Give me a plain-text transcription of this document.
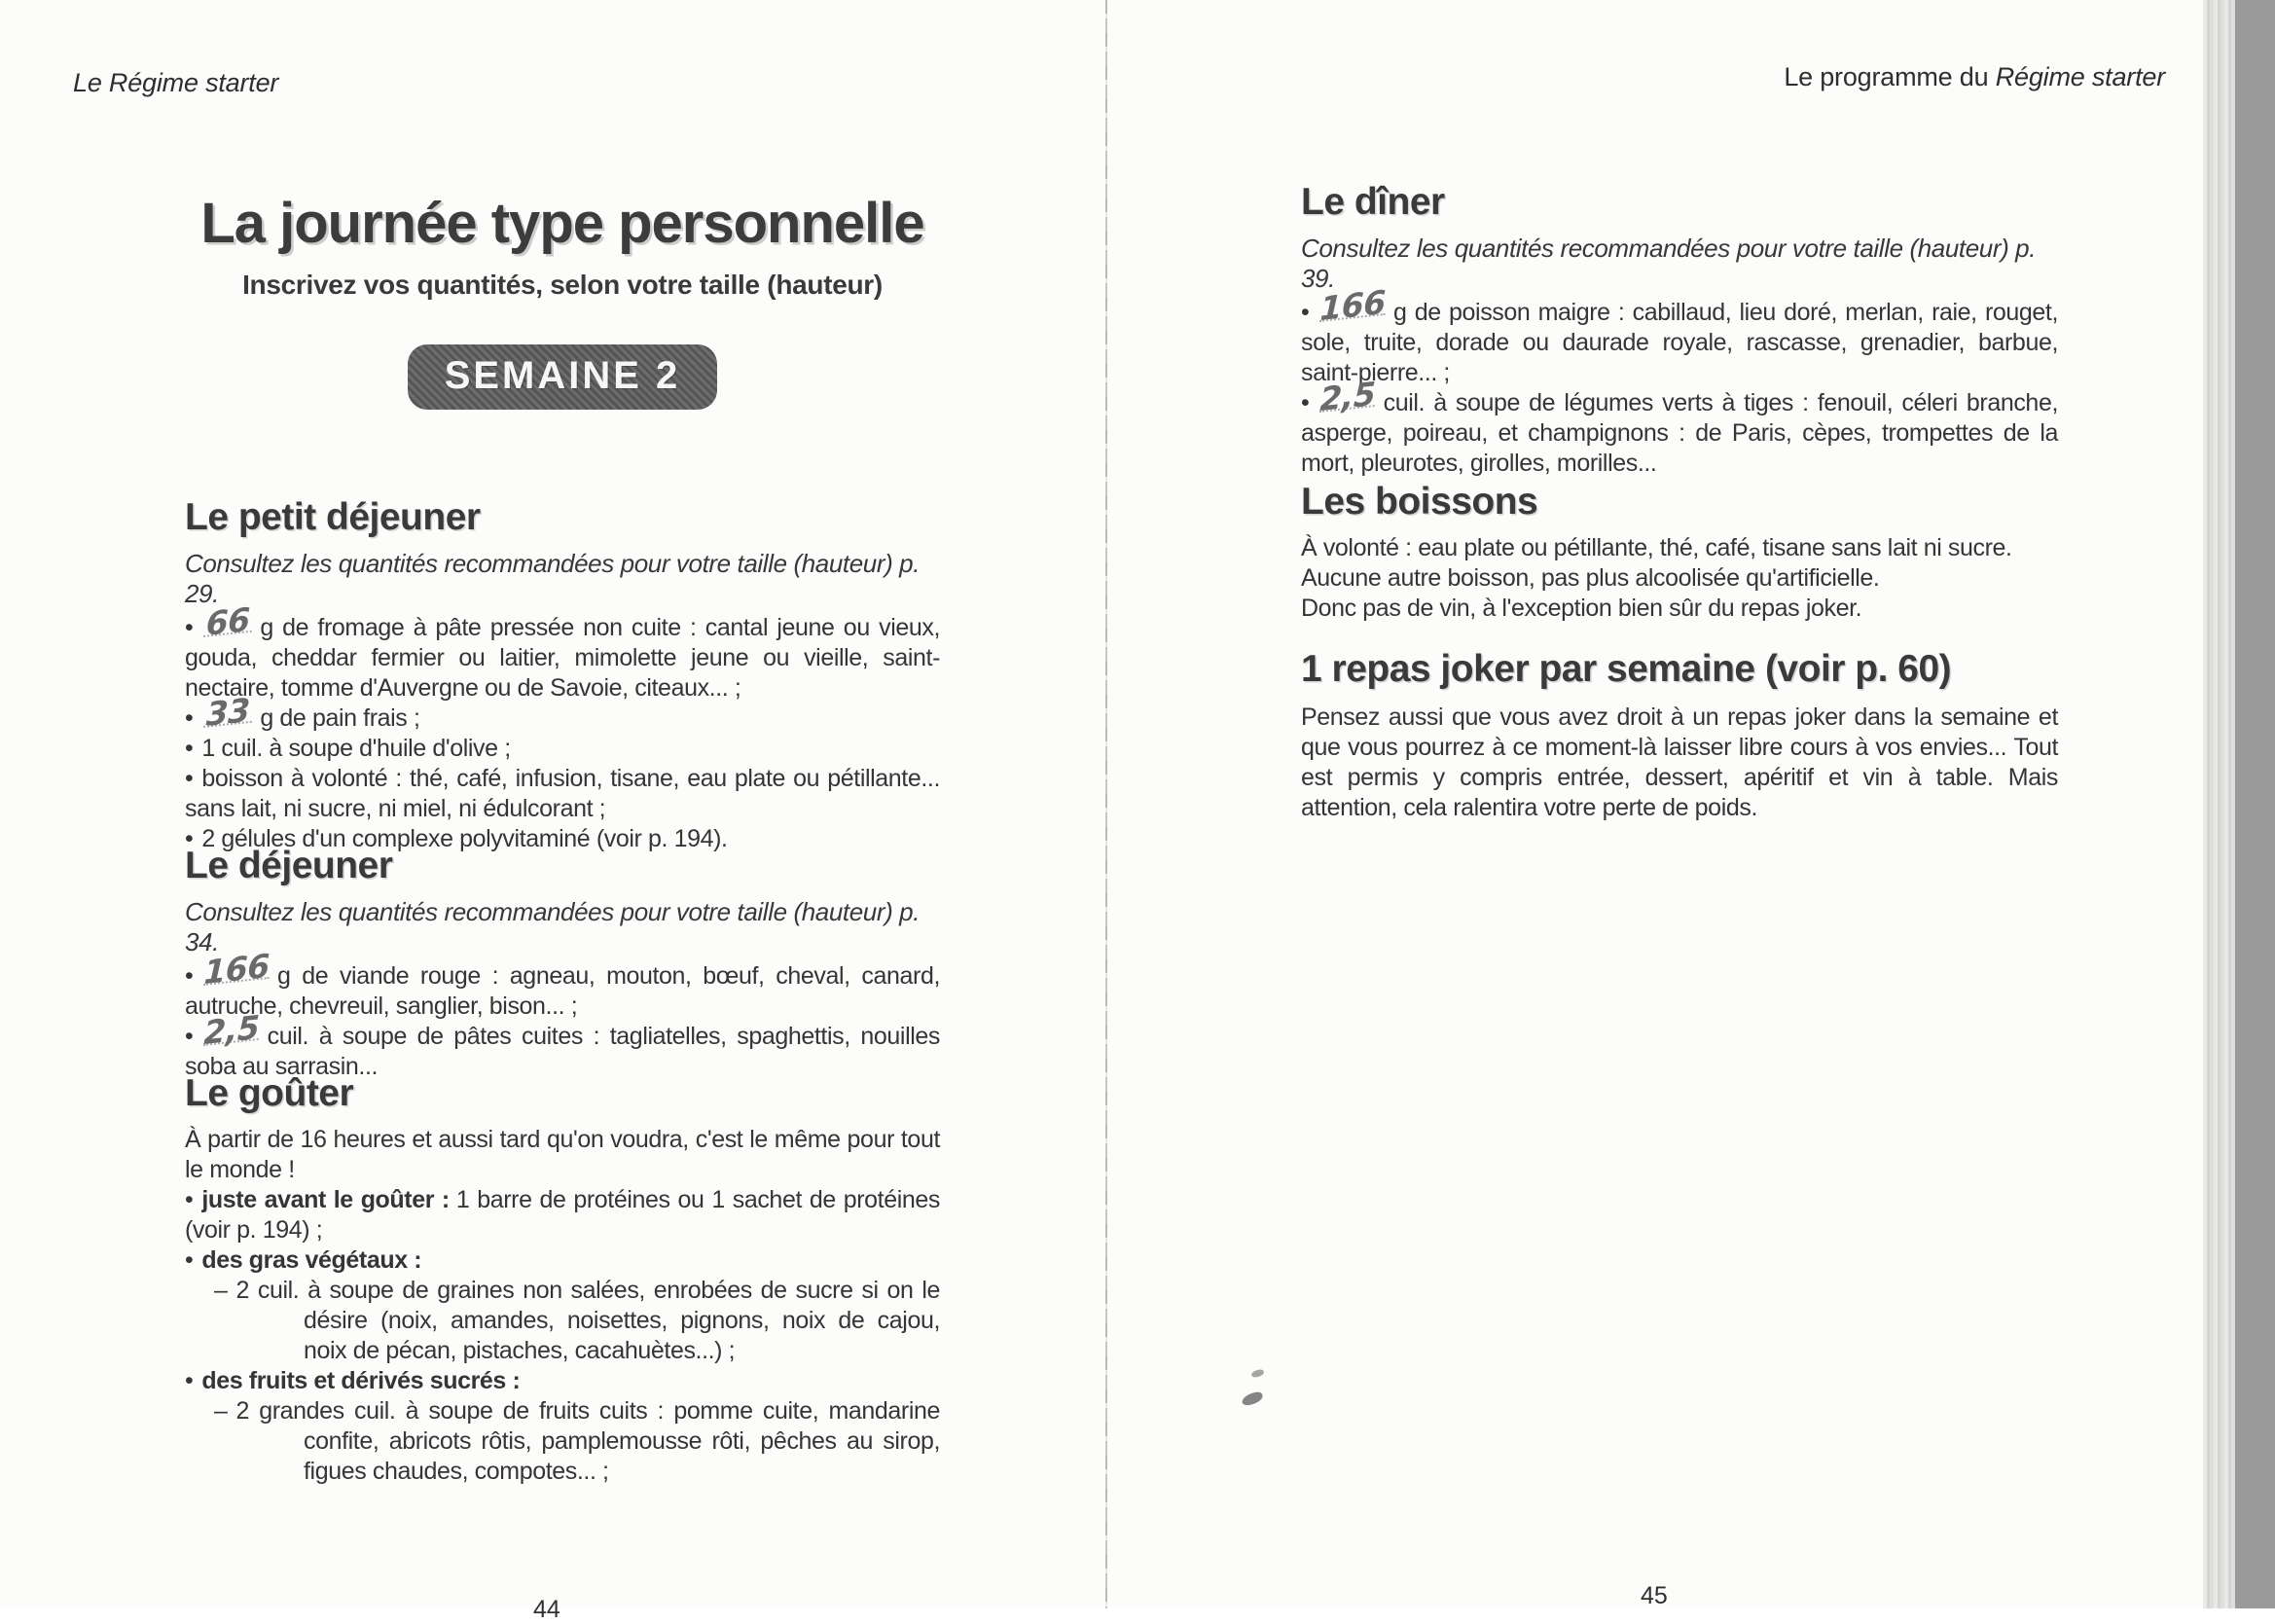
Le Régime starter
La journée type personnelle
Inscrivez vos quantités, selon votre taille (hauteur)
SEMAINE 2
Le petit déjeuner
Consultez les quantités recommandées pour votre taille (hauteur) p. 29.
• 66 g de fromage à pâte pressée non cuite : cantal jeune ou vieux, gouda, cheddar fermier ou laitier, mimolette jeune ou vieille, saint-nectaire, tomme d'Auvergne ou de Savoie, citeaux... ;
• 33 g de pain frais ;
• 1 cuil. à soupe d'huile d'olive ;
• boisson à volonté : thé, café, infusion, tisane, eau plate ou pétillante... sans lait, ni sucre, ni miel, ni édulcorant ;
• 2 gélules d'un complexe polyvitaminé (voir p. 194).
Le déjeuner
Consultez les quantités recommandées pour votre taille (hauteur) p. 34.
• 166 g de viande rouge : agneau, mouton, bœuf, cheval, canard, autruche, chevreuil, sanglier, bison... ;
• 2,5 cuil. à soupe de pâtes cuites : tagliatelles, spaghettis, nouilles soba au sarrasin...
Le goûter
À partir de 16 heures et aussi tard qu'on voudra, c'est le même pour tout le monde !
• juste avant le goûter : 1 barre de protéines ou 1 sachet de protéines (voir p. 194) ;
• des gras végétaux :
– 2 cuil. à soupe de graines non salées, enrobées de sucre si on le désire (noix, amandes, noisettes, pignons, noix de cajou, noix de pécan, pistaches, cacahuètes...) ;
• des fruits et dérivés sucrés :
– 2 grandes cuil. à soupe de fruits cuits : pomme cuite, mandarine confite, abricots rôtis, pamplemousse rôti, pêches au sirop, figues chaudes, compotes... ;
44
Le programme du Régime starter
Le dîner
Consultez les quantités recommandées pour votre taille (hauteur) p. 39.
• 166 g de poisson maigre : cabillaud, lieu doré, merlan, raie, rouget, sole, truite, dorade ou daurade royale, rascasse, grenadier, barbue, saint-pierre... ;
• 2,5 cuil. à soupe de légumes verts à tiges : fenouil, céleri branche, asperge, poireau, et champignons : de Paris, cèpes, trompettes de la mort, pleurotes, girolles, morilles...
Les boissons
À volonté : eau plate ou pétillante, thé, café, tisane sans lait ni sucre.
Aucune autre boisson, pas plus alcoolisée qu'artificielle.
Donc pas de vin, à l'exception bien sûr du repas joker.
1 repas joker par semaine (voir p. 60)
Pensez aussi que vous avez droit à un repas joker dans la semaine et que vous pourrez à ce moment-là laisser libre cours à vos envies... Tout est permis y compris entrée, dessert, apéritif et vin à table. Mais attention, cela ralentira votre perte de poids.
45
